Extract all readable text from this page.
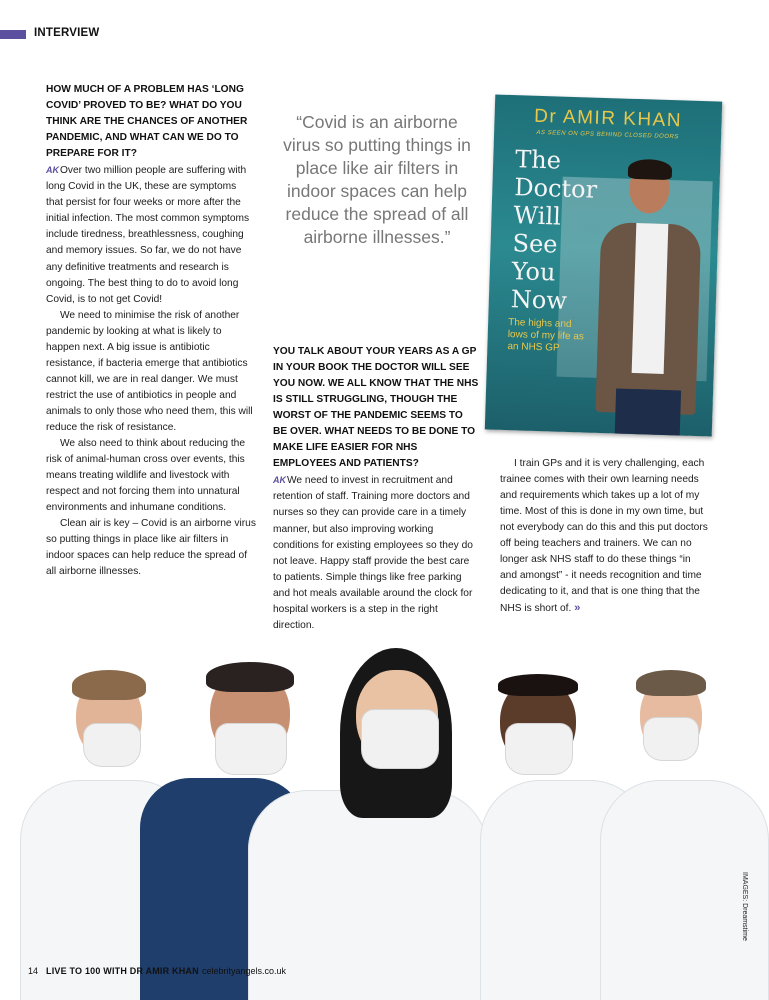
INTERVIEW

HOW MUCH OF A PROBLEM HAS ‘LONG COVID’ PROVED TO BE? WHAT DO YOU THINK ARE THE CHANCES OF ANOTHER PANDEMIC, AND WHAT CAN WE DO TO PREPARE FOR IT?

AKOver two million people are suffering with long Covid in the UK, these are symptoms that persist for four weeks or more after the initial infection. The most common symptoms include tiredness, breathlessness, coughing and memory issues. So far, we do not have any definitive treatments and research is ongoing. The best thing to do to avoid long Covid, is to not get Covid!

We need to minimise the risk of another pandemic by looking at what is likely to happen next. A big issue is antibiotic resistance, if bacteria emerge that antibiotics cannot kill, we are in real danger. We must restrict the use of antibiotics in people and animals to only those who need them, this will reduce the risk of resistance.

We also need to think about reducing the risk of animal-human cross over events, this means treating wildlife and livestock with respect and not forcing them into unnatural environments and inhumane conditions.

Clean air is key – Covid is an airborne virus so putting things in place like air filters in indoor spaces can help reduce the spread of all airborne illnesses.

“Covid is an airborne virus so putting things in place like air filters in indoor spaces can help reduce the spread of all airborne illnesses.”

YOU TALK ABOUT YOUR YEARS AS A GP IN YOUR BOOK THE DOCTOR WILL SEE YOU NOW. WE ALL KNOW THAT THE NHS IS STILL STRUGGLING, THOUGH THE WORST OF THE PANDEMIC SEEMS TO BE OVER. WHAT NEEDS TO BE DONE TO MAKE LIFE EASIER FOR NHS EMPLOYEES AND PATIENTS?

AKWe need to invest in recruitment and retention of staff. Training more doctors and nurses so they can provide care in a timely manner, but also improving working conditions for existing employees so they do not leave. Happy staff provide the best care to patients. Simple things like free parking and hot meals available around the clock for hospital workers is a step in the right direction.

I train GPs and it is very challenging, each trainee comes with their own learning needs and requirements which takes up a lot of my time. Most of this is done in my own time, but not everybody can do this and this put doctors off being teachers and trainers. We can no longer ask NHS staff to do these things “in and amongst” - it needs recognition and time dedicating to it, and that is one thing that the NHS is short of. »

Dr AMIR KHAN
AS SEEN ON GPS BEHIND CLOSED DOORS
The
Doctor
Will
See
You
Now
The highs and lows of my life as an NHS GP
IMAGES: Dreamstime
14 LIVE TO 100 WITH DR AMIR KHAN celebrityangels.co.uk
